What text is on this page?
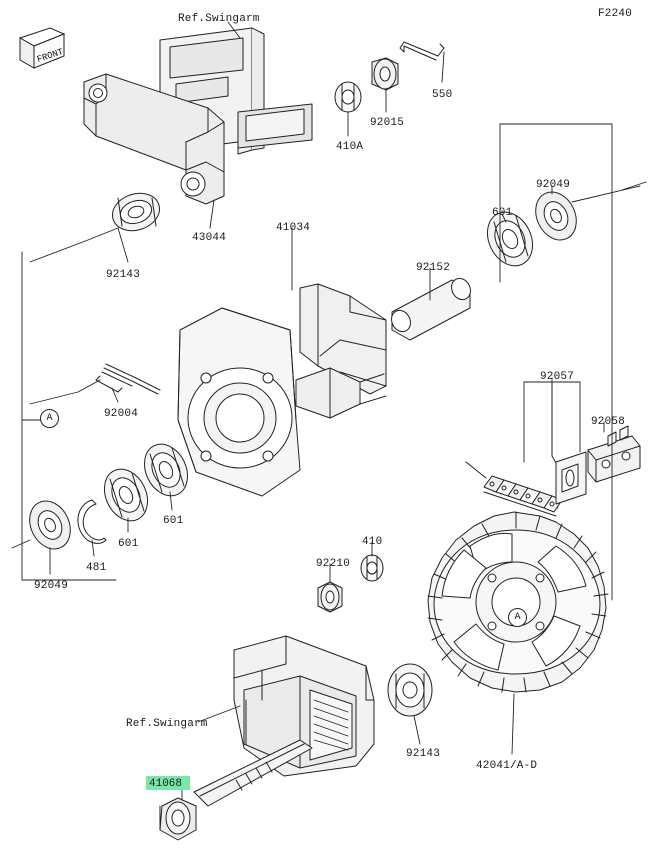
FRONT
F2240
Ref.Swingarm
550
92015
410A
92049
601
43044
41034
92152
92143
92057
92058
92004
601
601
481
92049
92210
410
Ref.Swingarm
92143
42041/A-D
41068
A
A
